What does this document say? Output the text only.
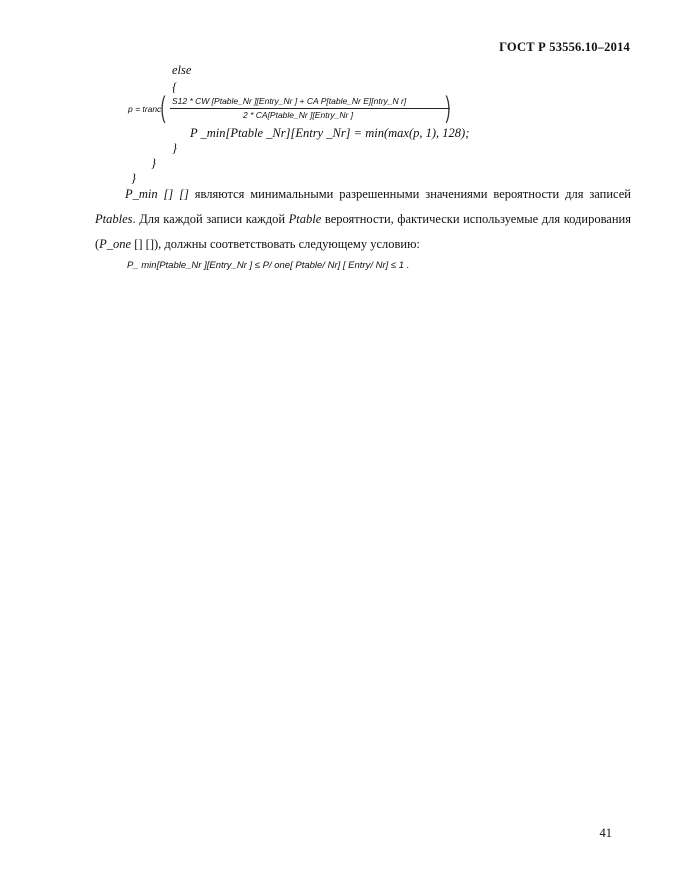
ГОСТ Р 53556.10–2014
else
{
p = tranc ( S12 * CW [Ptable_Nr ][Entry_Nr ] + CA P[table_Nr E][ntry_N r]
2 * CA[Ptable_Nr ][Entry_Nr ]	)
P _min[Ptable _Nr][Entry _Nr] = min(max(p, 1), 128);
}
}
}
P_min [] [] являются минимальными разрешенными значениями вероятности для записей Ptables. Для каждой записи каждой Ptable вероятности, фактически используемые для кодирования (P_one [] []), должны соответствовать следующему условию:
P_ min[Ptable_Nr ][Entry_Nr ] ≤ P/ one[ Ptable/ Nr] [ Entry/ Nr] ≤ 1 .
41
